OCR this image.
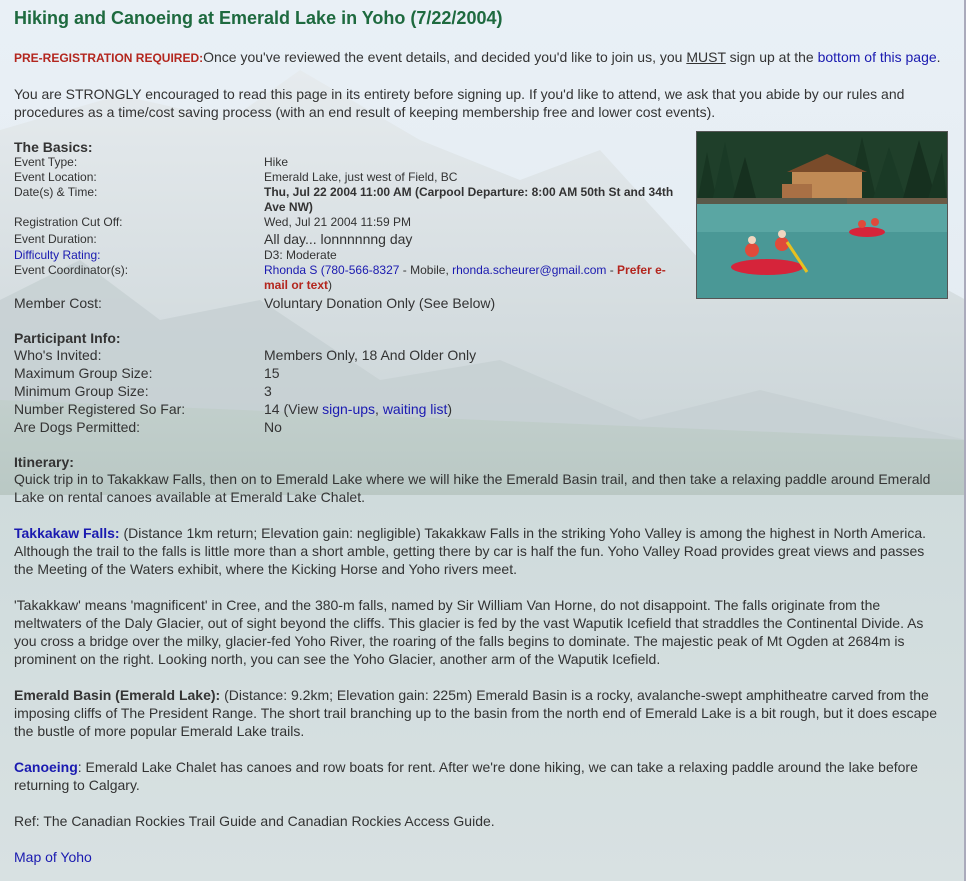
Hiking and Canoeing at Emerald Lake in Yoho (7/22/2004)

PRE-REGISTRATION REQUIRED:Once you've reviewed the event details, and decided you'd like to join us, you MUST sign up at the bottom of this page.

You are STRONGLY encouraged to read this page in its entirety before signing up. If you'd like to attend, we ask that you abide by our rules and procedures as a time/cost saving process (with an end result of keeping membership free and lower cost events).

The Basics:
Event Type:	Hike
Event Location:	Emerald Lake, just west of Field, BC
Date(s) & Time:	Thu, Jul 22 2004 11:00 AM (Carpool Departure: 8:00 AM 50th St and 34th Ave NW)
Registration Cut Off:	Wed, Jul 21 2004 11:59 PM
Event Duration:	All day... lonnnnnng day
Difficulty Rating:	D3: Moderate
Event Coordinator(s):	Rhonda S (780-566-8327 - Mobile, rhonda.scheurer@gmail.com - Prefer e-mail or text)
Member Cost:	Voluntary Donation Only (See Below)
Participant Info:
Who's Invited:	Members Only, 18 And Older Only
Maximum Group Size:	15
Minimum Group Size:	3
Number Registered So Far:	14 (View sign-ups, waiting list)
Are Dogs Permitted:	No
Itinerary:

Quick trip in to Takakkaw Falls, then on to Emerald Lake where we will hike the Emerald Basin trail, and then take a relaxing paddle around Emerald Lake on rental canoes available at Emerald Lake Chalet.

Takkakaw Falls: (Distance 1km return; Elevation gain: negligible) Takakkaw Falls in the striking Yoho Valley is among the highest in North America. Although the trail to the falls is little more than a short amble, getting there by car is half the fun. Yoho Valley Road provides great views and passes the Meeting of the Waters exhibit, where the Kicking Horse and Yoho rivers meet.

'Takakkaw' means 'magnificent' in Cree, and the 380-m falls, named by Sir William Van Horne, do not disappoint. The falls originate from the meltwaters of the Daly Glacier, out of sight beyond the cliffs. This glacier is fed by the vast Waputik Icefield that straddles the Continental Divide. As you cross a bridge over the milky, glacier-fed Yoho River, the roaring of the falls begins to dominate. The majestic peak of Mt Ogden at 2684m is prominent on the right. Looking north, you can see the Yoho Glacier, another arm of the Waputik Icefield.

Emerald Basin (Emerald Lake): (Distance: 9.2km; Elevation gain: 225m) Emerald Basin is a rocky, avalanche-swept amphitheatre carved from the imposing cliffs of The President Range. The short trail branching up to the basin from the north end of Emerald Lake is a bit rough, but it does escape the bustle of more popular Emerald Lake trails.

Canoeing: Emerald Lake Chalet has canoes and row boats for rent. After we're done hiking, we can take a relaxing paddle around the lake before returning to Calgary.

Ref: The Canadian Rockies Trail Guide and Canadian Rockies Access Guide.

Map of Yoho
